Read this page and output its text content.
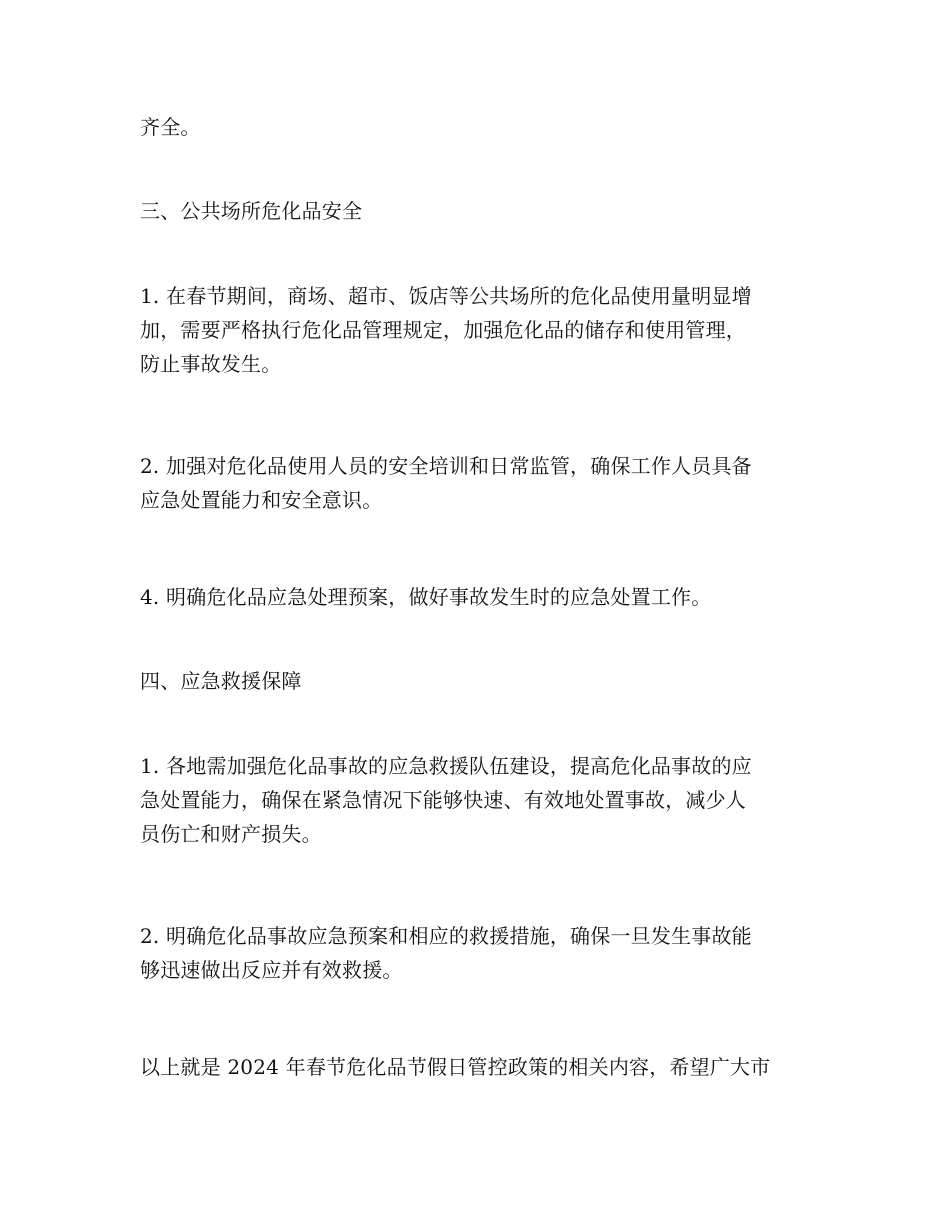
齐全。
三、公共场所危化品安全
1. 在春节期间，商场、超市、饭店等公共场所的危化品使用量明显增
加，需要严格执行危化品管理规定，加强危化品的储存和使用管理，
防止事故发生。
2. 加强对危化品使用人员的安全培训和日常监管，确保工作人员具备
应急处置能力和安全意识。
4. 明确危化品应急处理预案，做好事故发生时的应急处置工作。
四、应急救援保障
1. 各地需加强危化品事故的应急救援队伍建设，提高危化品事故的应
急处置能力，确保在紧急情况下能够快速、有效地处置事故，减少人
员伤亡和财产损失。
2. 明确危化品事故应急预案和相应的救援措施，确保一旦发生事故能
够迅速做出反应并有效救援。
以上就是 2024 年春节危化品节假日管控政策的相关内容，希望广大市
